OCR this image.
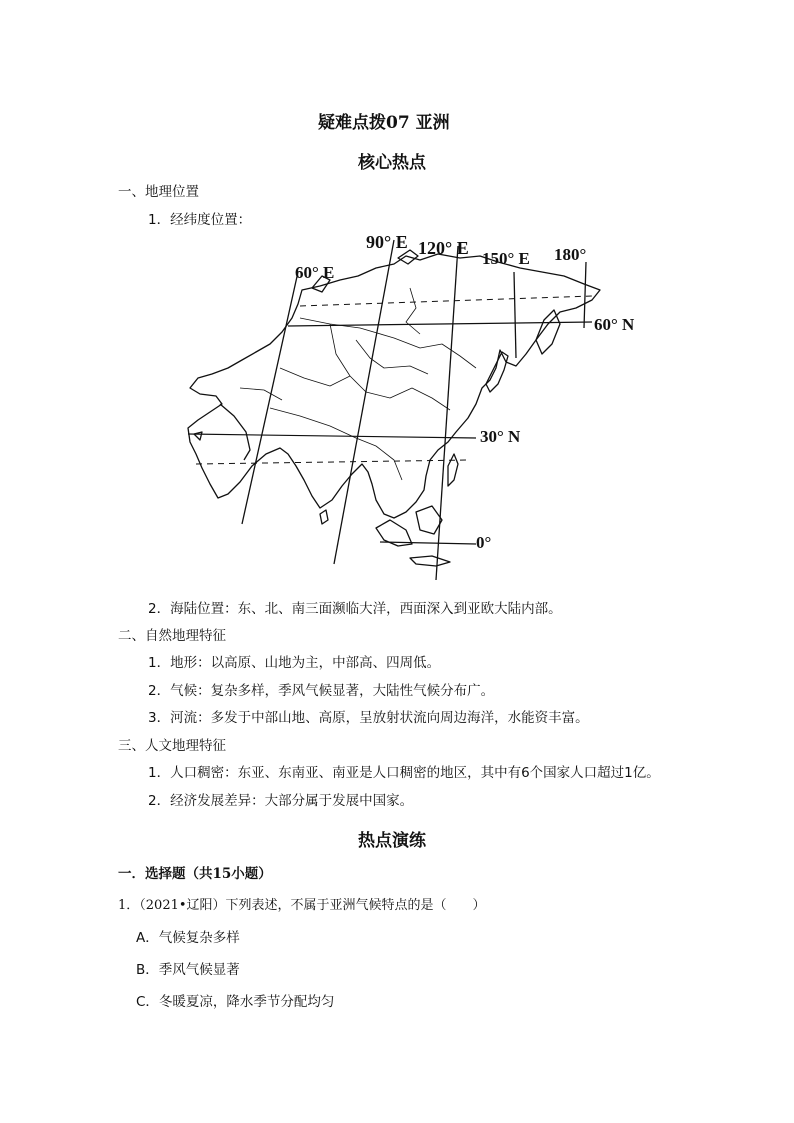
疑难点拨07 亚洲
核心热点
一、地理位置
1．经纬度位置：
60° E
90° E 120° E
150° E 180°
60° N
30° N
0°
2．海陆位置：东、北、南三面濒临大洋，西面深入到亚欧大陆内部。
二、自然地理特征
1．地形：以高原、山地为主，中部高、四周低。
2．气候：复杂多样，季风气候显著，大陆性气候分布广。
3．河流：多发于中部山地、高原，呈放射状流向周边海洋，水能资丰富。
三、人文地理特征
1．人口稠密：东亚、东南亚、南亚是人口稠密的地区，其中有6个国家人口超过1亿。
2．经济发展差异：大部分属于发展中国家。
热点演练
一．选择题（共15小题）
1．（2021•辽阳）下列表述，不属于亚洲气候特点的是（　　）
A．气候复杂多样
B．季风气候显著
C．冬暖夏凉，降水季节分配均匀
